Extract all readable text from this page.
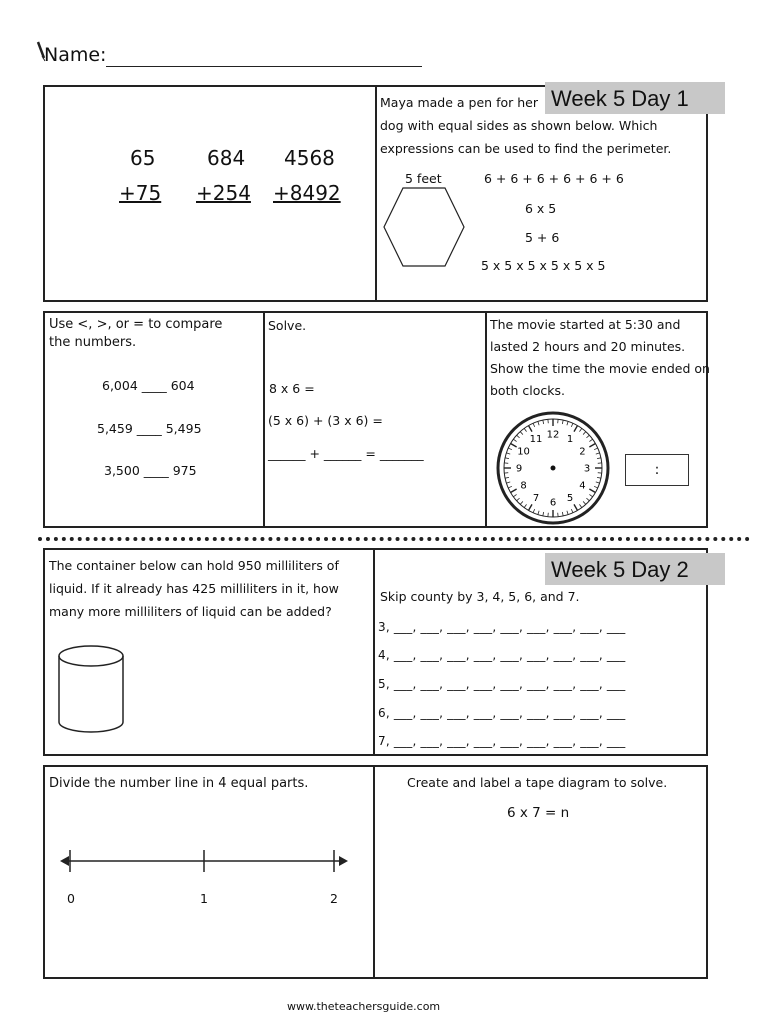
Name:
65	684 4568
+75 +254 +8492
Maya made a pen for her
dog with equal sides as shown below. Which
expressions can be used to find the perimeter.
Week 5 Day 1
5 feet	6 + 6 + 6 + 6 + 6 + 6
6 x 5
5 + 6
5 x 5 x 5 x 5 x 5 x 5
Use <, >, or = to compare
the numbers.
6,004 ____ 604
5,459 ____ 5,495
3,500 ____ 975
Solve.
8 x 6 =
(5 x 6) + (3 x 6) =
______ + ______ = _______
The movie started at 5:30 and
lasted 2 hours and 20 minutes.
Show the time the movie ended on
both clocks.
12 1
2
3
4
5
6
7
8
9
10
11
:
The container below can hold 950 milliliters of
liquid. If it already has 425 milliliters in it, how
many more milliliters of liquid can be added?
Week 5 Day 2
Skip county by 3, 4, 5, 6, and 7.
3, ___, ___, ___, ___, ___, ___, ___, ___, ___
4, ___, ___, ___, ___, ___, ___, ___, ___, ___
5, ___, ___, ___, ___, ___, ___, ___, ___, ___
6, ___, ___, ___, ___, ___, ___, ___, ___, ___
7, ___, ___, ___, ___, ___, ___, ___, ___, ___
Divide the number line in 4 equal parts.
0	1	2
Create and label a tape diagram to solve.
6 x 7 = n
www.theteachersguide.com
